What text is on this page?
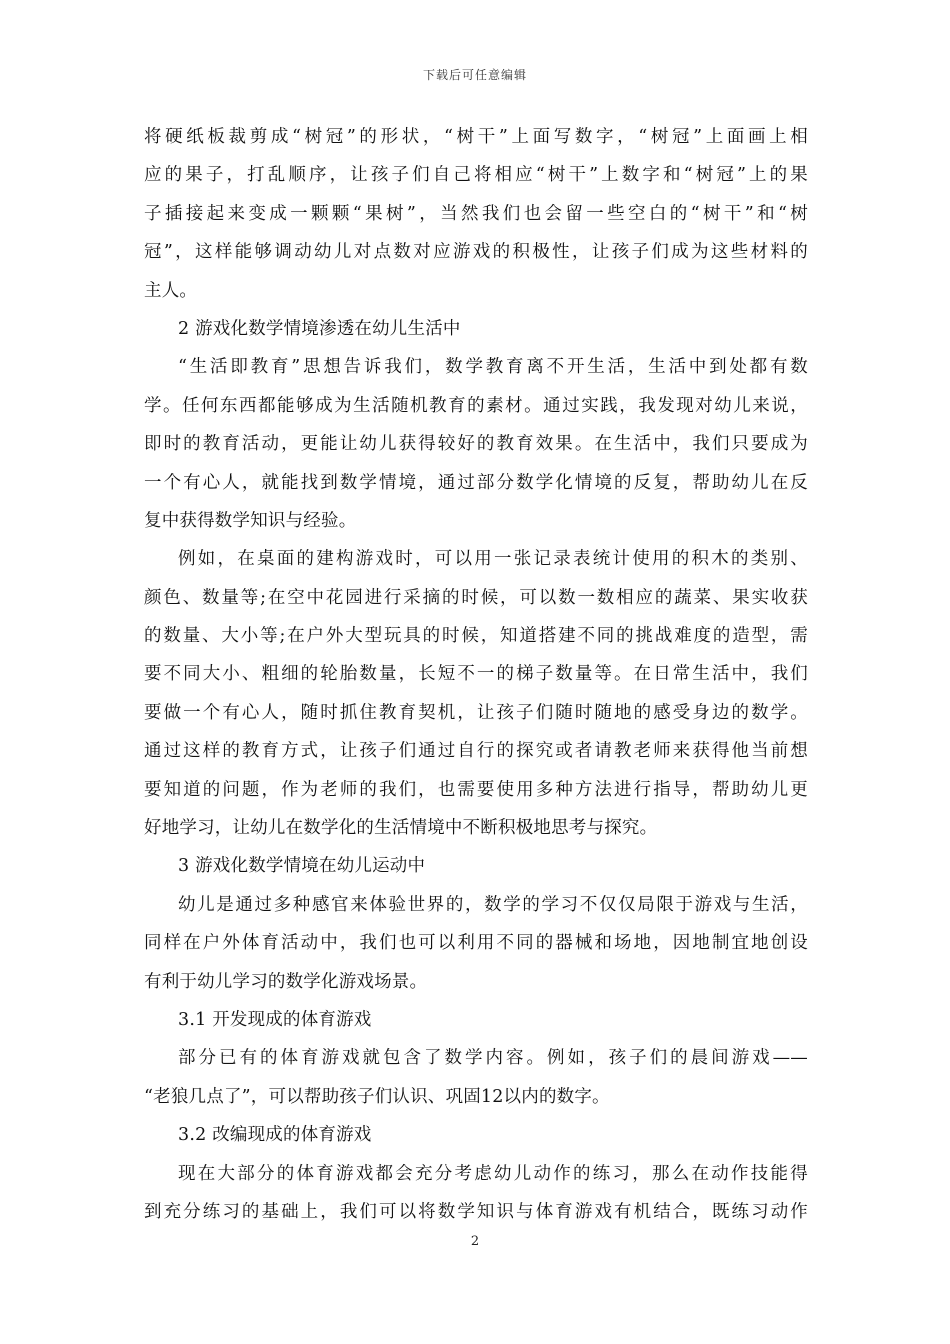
下载后可任意编辑
将硬纸板裁剪成“树冠”的形状，“树干”上面写数字，“树冠”上面画上相
应的果子，打乱顺序，让孩子们自己将相应“树干”上数字和“树冠”上的果
子插接起来变成一颗颗“果树”，当然我们也会留一些空白的“树干”和“树
冠”，这样能够调动幼儿对点数对应游戏的积极性，让孩子们成为这些材料的
主人。
2 游戏化数学情境渗透在幼儿生活中
“生活即教育”思想告诉我们，数学教育离不开生活，生活中到处都有数
学。任何东西都能够成为生活随机教育的素材。通过实践，我发现对幼儿来说，
即时的教育活动，更能让幼儿获得较好的教育效果。在生活中，我们只要成为
一个有心人，就能找到数学情境，通过部分数学化情境的反复，帮助幼儿在反
复中获得数学知识与经验。
例如，在桌面的建构游戏时，可以用一张记录表统计使用的积木的类别、
颜色、数量等;在空中花园进行采摘的时候，可以数一数相应的蔬菜、果实收获
的数量、大小等;在户外大型玩具的时候，知道搭建不同的挑战难度的造型，需
要不同大小、粗细的轮胎数量，长短不一的梯子数量等。在日常生活中，我们
要做一个有心人，随时抓住教育契机，让孩子们随时随地的感受身边的数学。
通过这样的教育方式，让孩子们通过自行的探究或者请教老师来获得他当前想
要知道的问题，作为老师的我们，也需要使用多种方法进行指导，帮助幼儿更
好地学习，让幼儿在数学化的生活情境中不断积极地思考与探究。
3 游戏化数学情境在幼儿运动中
幼儿是通过多种感官来体验世界的，数学的学习不仅仅局限于游戏与生活，
同样在户外体育活动中，我们也可以利用不同的器械和场地，因地制宜地创设
有利于幼儿学习的数学化游戏场景。
3.1 开发现成的体育游戏
部分已有的体育游戏就包含了数学内容。例如，孩子们的晨间游戏——
“老狼几点了”，可以帮助孩子们认识、巩固12以内的数字。
3.2 改编现成的体育游戏
现在大部分的体育游戏都会充分考虑幼儿动作的练习，那么在动作技能得
到充分练习的基础上，我们可以将数学知识与体育游戏有机结合，既练习动作
2
